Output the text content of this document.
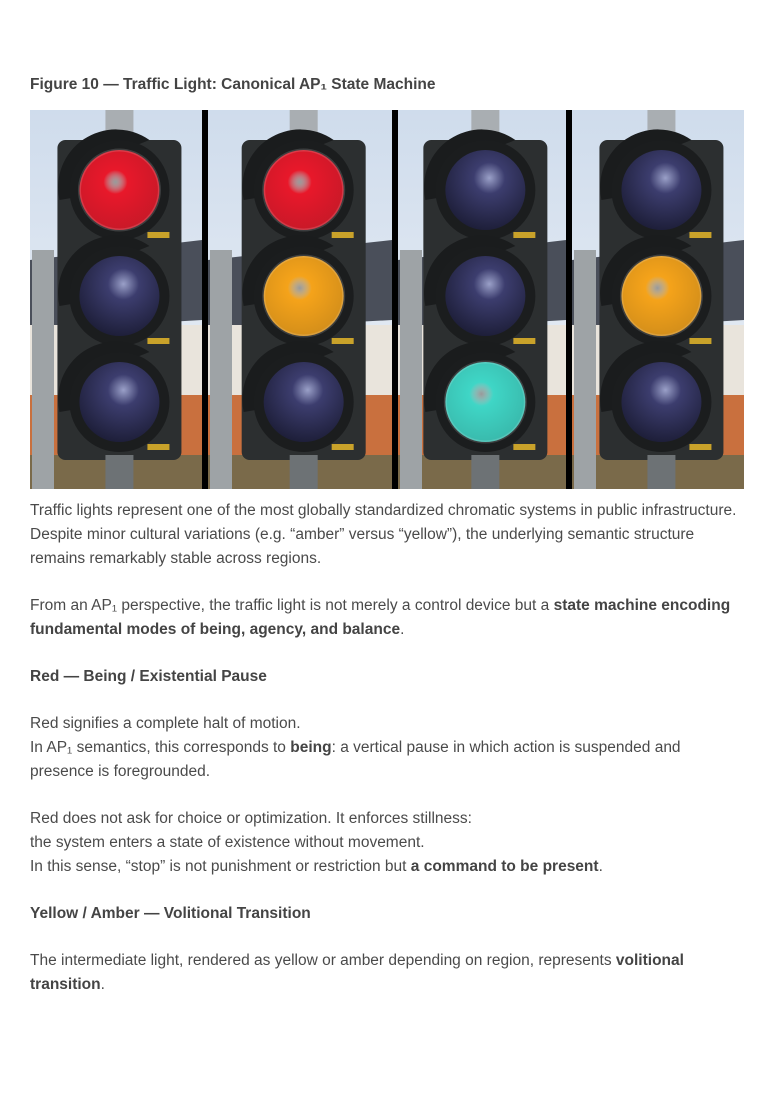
Figure 10 — Traffic Light: Canonical AP₁ State Machine

Traffic lights represent one of the most globally standardized chromatic systems in public infrastructure. Despite minor cultural variations (e.g. “amber” versus “yellow”), the underlying semantic structure remains remarkably stable across regions.

From an AP₁ perspective, the traffic light is not merely a control device but a state machine encoding fundamental modes of being, agency, and balance.

Red — Being / Existential Pause

Red signifies a complete halt of motion.
In AP₁ semantics, this corresponds to being: a vertical pause in which action is suspended and presence is foregrounded.

Red does not ask for choice or optimization. It enforces stillness:
the system enters a state of existence without movement.
In this sense, “stop” is not punishment or restriction but a command to be present.

Yellow / Amber — Volitional Transition

The intermediate light, rendered as yellow or amber depending on region, represents volitional transition.
